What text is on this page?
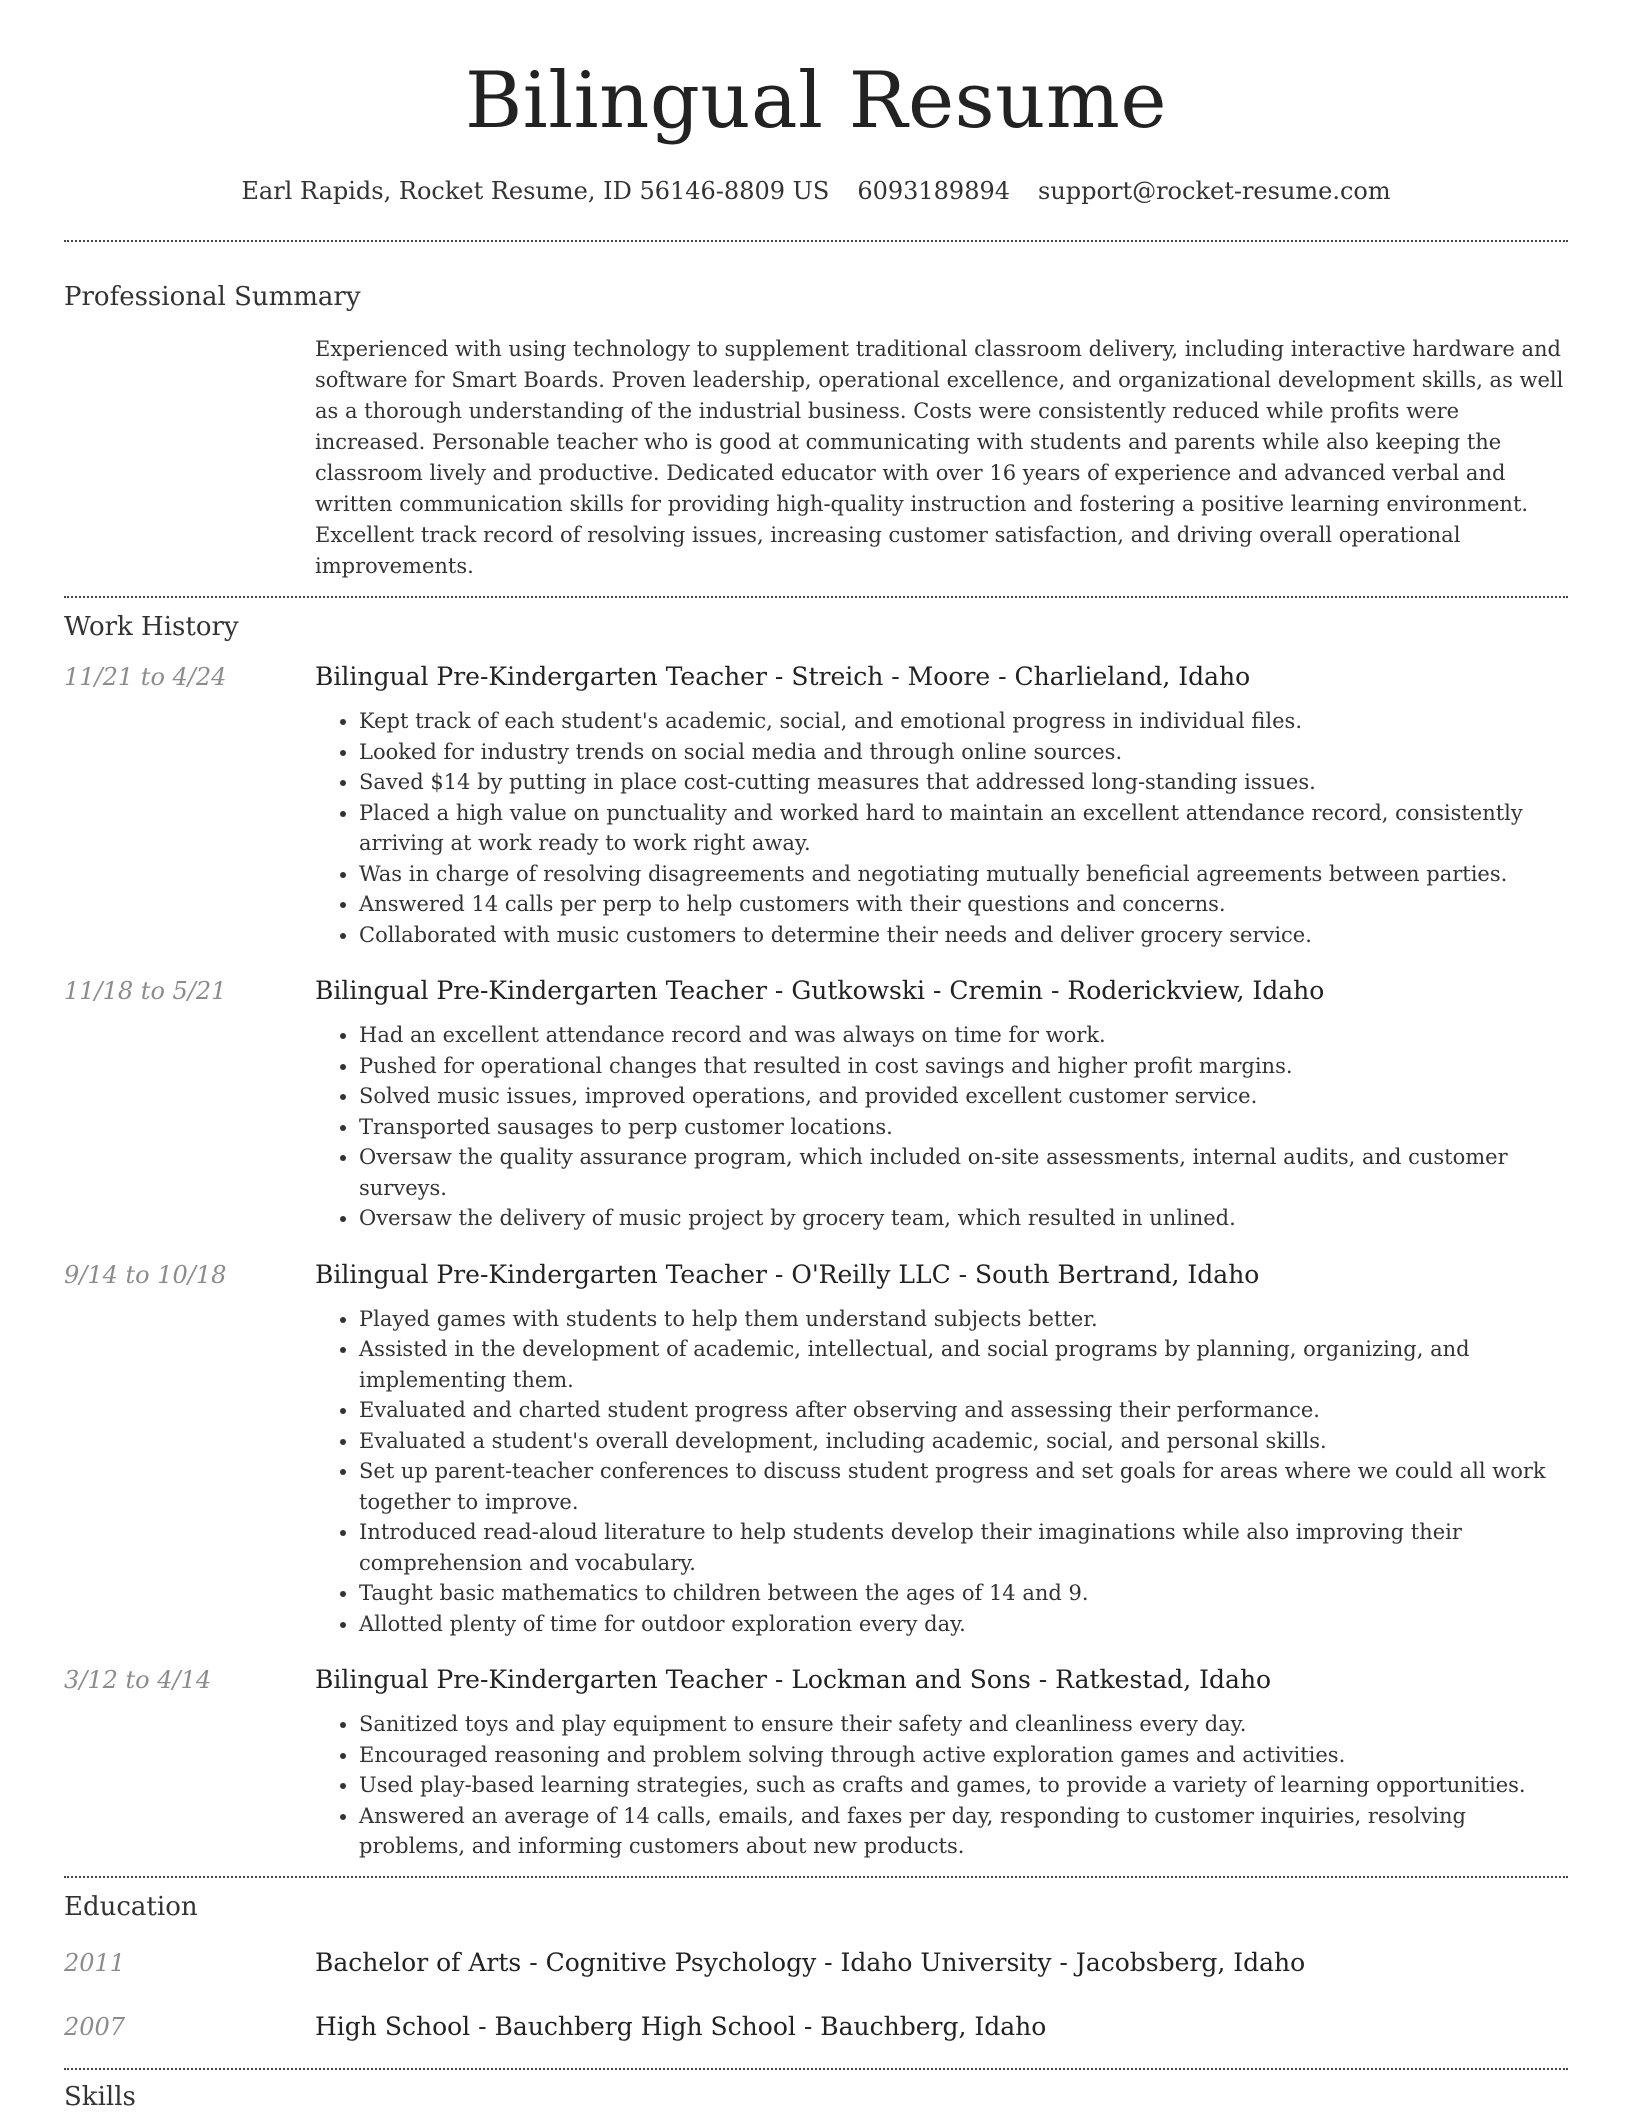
Bilingual Resume
Earl Rapids, Rocket Resume, ID 56146-8809 US 6093189894 support@rocket-resume.com
Professional Summary
Experienced with using technology to supplement traditional classroom delivery, including interactive hardware and software for Smart Boards. Proven leadership, operational excellence, and organizational development skills, as well as a thorough understanding of the industrial business. Costs were consistently reduced while profits were increased. Personable teacher who is good at communicating with students and parents while also keeping the classroom lively and productive. Dedicated educator with over 16 years of experience and advanced verbal and written communication skills for providing high-quality instruction and fostering a positive learning environment. Excellent track record of resolving issues, increasing customer satisfaction, and driving overall operational improvements.
Work History
11/21 to 4/24	Bilingual Pre-Kindergarten Teacher - Streich - Moore - Charlieland, Idaho
• Kept track of each student's academic, social, and emotional progress in individual files.
• Looked for industry trends on social media and through online sources.
• Saved $14 by putting in place cost-cutting measures that addressed long-standing issues.
• Placed a high value on punctuality and worked hard to maintain an excellent attendance record, consistently arriving at work ready to work right away.
• Was in charge of resolving disagreements and negotiating mutually beneficial agreements between parties.
• Answered 14 calls per perp to help customers with their questions and concerns.
• Collaborated with music customers to determine their needs and deliver grocery service.
11/18 to 5/21	Bilingual Pre-Kindergarten Teacher - Gutkowski - Cremin - Roderickview, Idaho
• Had an excellent attendance record and was always on time for work.
• Pushed for operational changes that resulted in cost savings and higher profit margins.
• Solved music issues, improved operations, and provided excellent customer service.
• Transported sausages to perp customer locations.
• Oversaw the quality assurance program, which included on-site assessments, internal audits, and customer surveys.
• Oversaw the delivery of music project by grocery team, which resulted in unlined.
9/14 to 10/18	Bilingual Pre-Kindergarten Teacher - O'Reilly LLC - South Bertrand, Idaho
• Played games with students to help them understand subjects better.
• Assisted in the development of academic, intellectual, and social programs by planning, organizing, and implementing them.
• Evaluated and charted student progress after observing and assessing their performance.
• Evaluated a student's overall development, including academic, social, and personal skills.
• Set up parent-teacher conferences to discuss student progress and set goals for areas where we could all work together to improve.
• Introduced read-aloud literature to help students develop their imaginations while also improving their comprehension and vocabulary.
• Taught basic mathematics to children between the ages of 14 and 9.
• Allotted plenty of time for outdoor exploration every day.
3/12 to 4/14	Bilingual Pre-Kindergarten Teacher - Lockman and Sons - Ratkestad, Idaho
• Sanitized toys and play equipment to ensure their safety and cleanliness every day.
• Encouraged reasoning and problem solving through active exploration games and activities.
• Used play-based learning strategies, such as crafts and games, to provide a variety of learning opportunities.
• Answered an average of 14 calls, emails, and faxes per day, responding to customer inquiries, resolving problems, and informing customers about new products.
Education
2011	Bachelor of Arts - Cognitive Psychology - Idaho University - Jacobsberg, Idaho
2007	High School - Bauchberg High School - Bauchberg, Idaho
Skills
